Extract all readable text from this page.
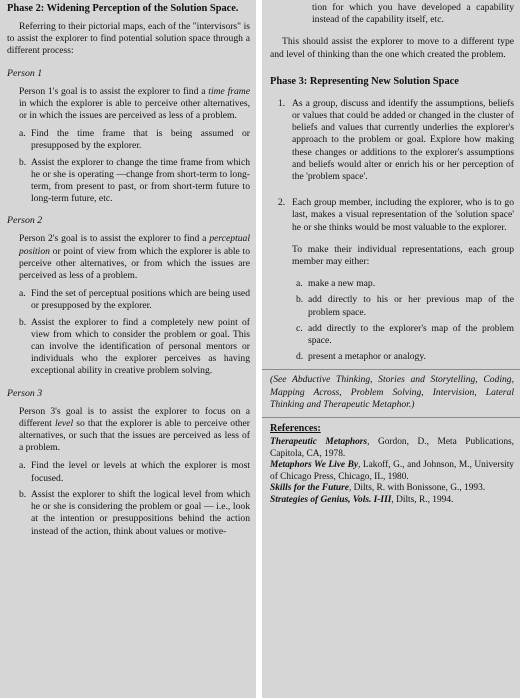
Phase 2: Widening Perception of the Solution Space.

Referring to their pictorial maps, each of the "intervisors" is to assist the explorer to find potential solution space through a different process:

Person 1

Person 1's goal is to assist the explorer to find a time frame in which the explorer is able to perceive other alternatives, or in which the issues are perceived as less of a problem.

a. Find the time frame that is being assumed or presupposed by the explorer.
b. Assist the explorer to change the time frame from which he or she is operating —change from short-term to long-term, from present to past, or from short-term future to long-term future, etc.
Person 2

Person 2's goal is to assist the explorer to find a perceptual position or point of view from which the explorer is able to perceive other alternatives, or from which the issues are perceived as less of a problem.

a. Find the set of perceptual positions which are being used or presupposed by the explorer.
b. Assist the explorer to find a completely new point of view from which to consider the problem or goal. This can involve the identification of personal mentors or individuals who the explorer perceives as having exceptional ability in creative problem solving.
Person 3

Person 3's goal is to assist the explorer to focus on a different level so that the explorer is able to perceive other alternatives, or such that the issues are perceived as less of a problem.

a. Find the level or levels at which the explorer is most focused.
b. Assist the explorer to shift the logical level from which he or she is considering the problem or goal — i.e., look at the intention or presuppositions behind the action instead of the action, think about values or motive-

tion for which you have developed a capability instead of the capability itself, etc.

This should assist the explorer to move to a different type and level of thinking than the one which created the problem.

Phase 3: Representing New Solution Space
1. As a group, discuss and identify the assumptions, beliefs or values that could be added or changed in the cluster of beliefs and values that currently underlies the explorer's approach to the problem or goal. Explore how making these changes or additions to the explorer's assumptions and beliefs would alter or enrich his or her perception of the 'problem space'.
2. Each group member, including the explorer, who is to go last, makes a visual representation of the 'solution space' he or she thinks would be most valuable to the explorer.

To make their individual representations, each group member may either:

a. make a new map.
b. add directly to his or her previous map of the problem space.
c. add directly to the explorer's map of the problem space.
d. present a metaphor or analogy.

(See Abductive Thinking, Stories and Storytelling, Coding, Mapping Across, Problem Solving, Intervision, Lateral Thinking and Therapeutic Metaphor.)

References:

Therapeutic Metaphors, Gordon, D., Meta Publications, Capitola, CA, 1978.

Metaphors We Live By, Lakoff, G., and Johnson, M., University of Chicago Press, Chicago, IL, 1980.

Skills for the Future, Dilts, R. with Bonissone, G., 1993.

Strategies of Genius, Vols. I-III, Dilts, R., 1994.
